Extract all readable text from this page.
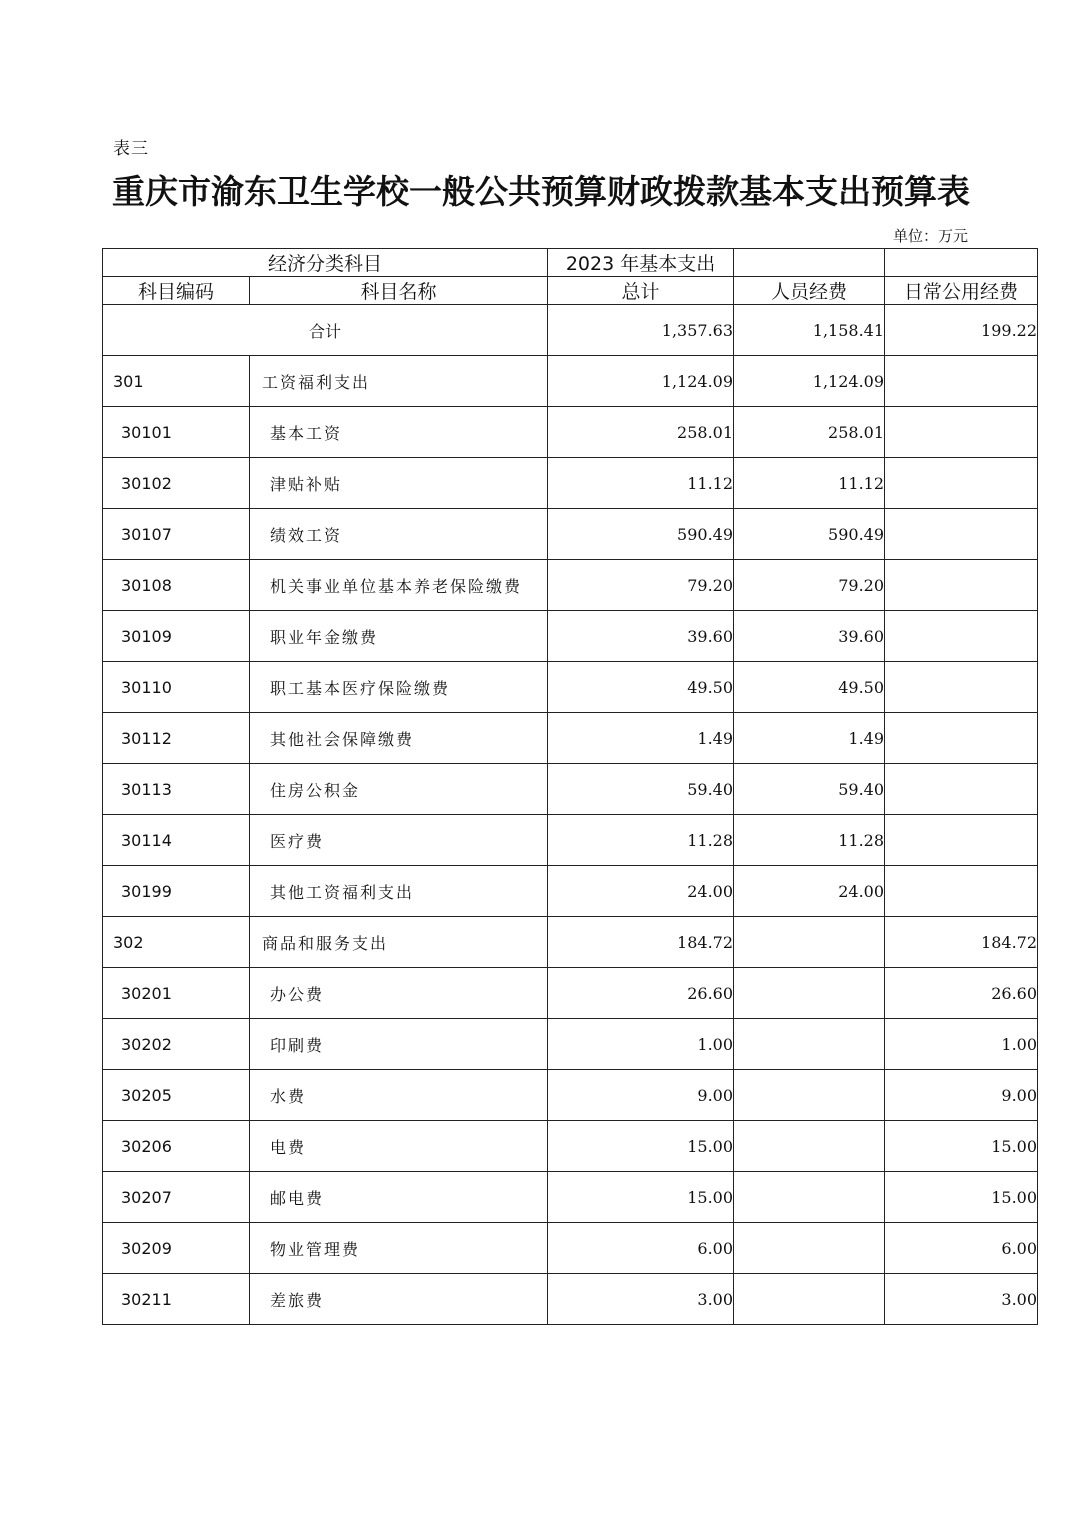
表三
重庆市渝东卫生学校一般公共预算财政拨款基本支出预算表
单位：万元
经济分类科目		2023 年基本支出		
科目编码	科目名称	总计	人员经费	日常公用经费
合计		1,357.63	1,158.41	199.22
301	工资福利支出	1,124.09	1,124.09	
30101	基本工资	258.01	258.01	
30102	津贴补贴	11.12	11.12	
30107	绩效工资	590.49	590.49	
30108	机关事业单位基本养老保险缴费	79.20	79.20	
30109	职业年金缴费	39.60	39.60	
30110	职工基本医疗保险缴费	49.50	49.50	
30112	其他社会保障缴费	1.49	1.49	
30113	住房公积金	59.40	59.40	
30114	医疗费	11.28	11.28	
30199	其他工资福利支出	24.00	24.00	
302	商品和服务支出	184.72		184.72
30201	办公费	26.60		26.60
30202	印刷费	1.00		1.00
30205	水费	9.00		9.00
30206	电费	15.00		15.00
30207	邮电费	15.00		15.00
30209	物业管理费	6.00		6.00
30211	差旅费	3.00		3.00
